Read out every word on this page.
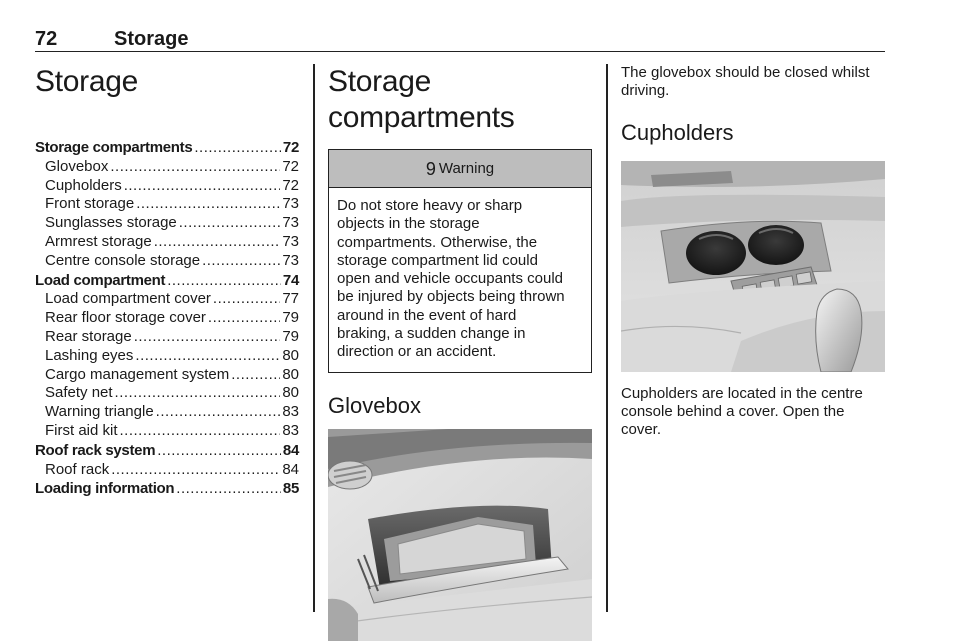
72	Storage
Storage
Storage compartments .....	72
Glovebox .....	72
Cupholders .....	72
Front storage .....	73
Sunglasses storage .....	73
Armrest storage .....	73
Centre console storage .....	73
Load compartment .....	74
Load compartment cover .....	77
Rear floor storage cover .....	79
Rear storage .....	79
Lashing eyes .....	80
Cargo management system .....	80
Safety net .....	80
Warning triangle .....	83
First aid kit .....	83
Roof rack system .....	84
Roof rack .....	84
Loading information .....	85
Storage compartments
9 Warning
Do not store heavy or sharp
objects in the storage
compartments. Otherwise, the
storage compartment lid could
open and vehicle occupants could
be injured by objects being thrown
around in the event of hard
braking, a sudden change in
direction or an accident.
Glovebox
The glovebox should be closed whilst
driving.
Cupholders
Cupholders are located in the centre
console behind a cover. Open the
cover.
